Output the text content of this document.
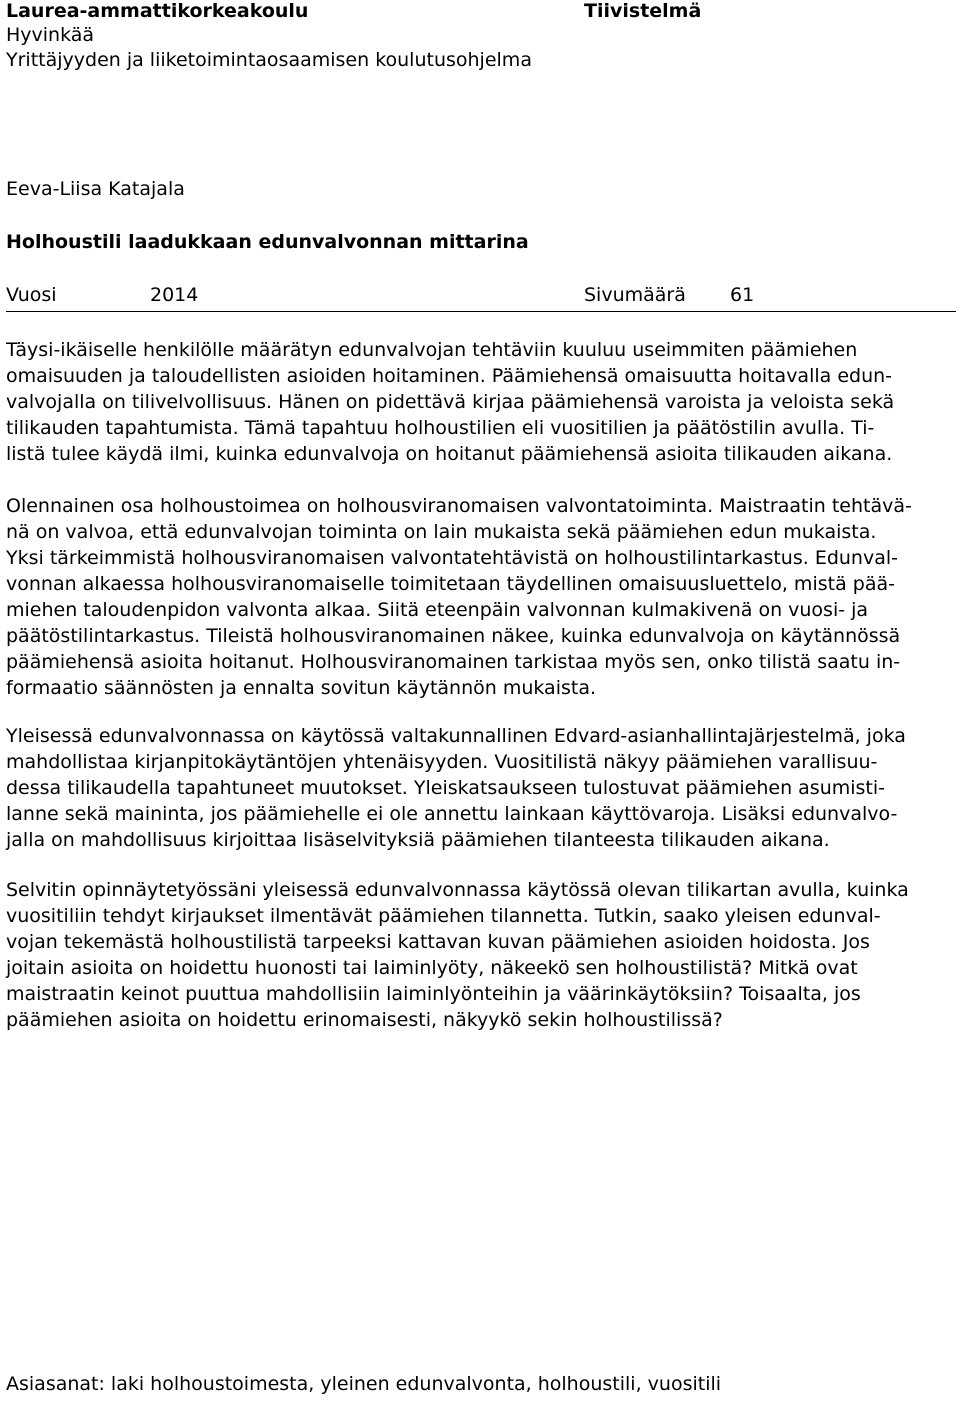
Laurea-ammattikorkeakoulu	Tiivistelmä
Hyvinkää
Yrittäjyyden ja liiketoimintaosaamisen koulutusohjelma
Eeva-Liisa Katajala
Holhoustili laadukkaan edunvalvonnan mittarina
Vuosi	2014	Sivumäärä 61
Täysi-ikäiselle henkilölle määrätyn edunvalvojan tehtäviin kuuluu useimmiten päämiehen
omaisuuden ja taloudellisten asioiden hoitaminen. Päämiehensä omaisuutta hoitavalla edun-
valvojalla on tilivelvollisuus. Hänen on pidettävä kirjaa päämiehensä varoista ja veloista sekä
tilikauden tapahtumista. Tämä tapahtuu holhoustilien eli vuositilien ja päätöstilin avulla. Ti-
listä tulee käydä ilmi, kuinka edunvalvoja on hoitanut päämiehensä asioita tilikauden aikana.
Olennainen osa holhoustoimea on holhousviranomaisen valvontatoiminta. Maistraatin tehtävä-
nä on valvoa, että edunvalvojan toiminta on lain mukaista sekä päämiehen edun mukaista.
Yksi tärkeimmistä holhousviranomaisen valvontatehtävistä on holhoustilintarkastus. Edunval-
vonnan alkaessa holhousviranomaiselle toimitetaan täydellinen omaisuusluettelo, mistä pää-
miehen taloudenpidon valvonta alkaa. Siitä eteenpäin valvonnan kulmakivenä on vuosi- ja
päätöstilintarkastus. Tileistä holhousviranomainen näkee, kuinka edunvalvoja on käytännössä
päämiehensä asioita hoitanut. Holhousviranomainen tarkistaa myös sen, onko tilistä saatu in-
formaatio säännösten ja ennalta sovitun käytännön mukaista.
Yleisessä edunvalvonnassa on käytössä valtakunnallinen Edvard-asianhallintajärjestelmä, joka
mahdollistaa kirjanpitokäytäntöjen yhtenäisyyden. Vuositilistä näkyy päämiehen varallisuu-
dessa tilikaudella tapahtuneet muutokset. Yleiskatsaukseen tulostuvat päämiehen asumisti-
lanne sekä maininta, jos päämiehelle ei ole annettu lainkaan käyttövaroja. Lisäksi edunvalvo-
jalla on mahdollisuus kirjoittaa lisäselvityksiä päämiehen tilanteesta tilikauden aikana.
Selvitin opinnäytetyössäni yleisessä edunvalvonnassa käytössä olevan tilikartan avulla, kuinka
vuositiliin tehdyt kirjaukset ilmentävät päämiehen tilannetta. Tutkin, saako yleisen edunval-
vojan tekemästä holhoustilistä tarpeeksi kattavan kuvan päämiehen asioiden hoidosta. Jos
joitain asioita on hoidettu huonosti tai laiminlyöty, näkeekö sen holhoustilistä? Mitkä ovat
maistraatin keinot puuttua mahdollisiin laiminlyönteihin ja väärinkäytöksiin? Toisaalta, jos
päämiehen asioita on hoidettu erinomaisesti, näkyykö sekin holhoustilissä?
Asiasanat: laki holhoustoimesta, yleinen edunvalvonta, holhoustili, vuositili
